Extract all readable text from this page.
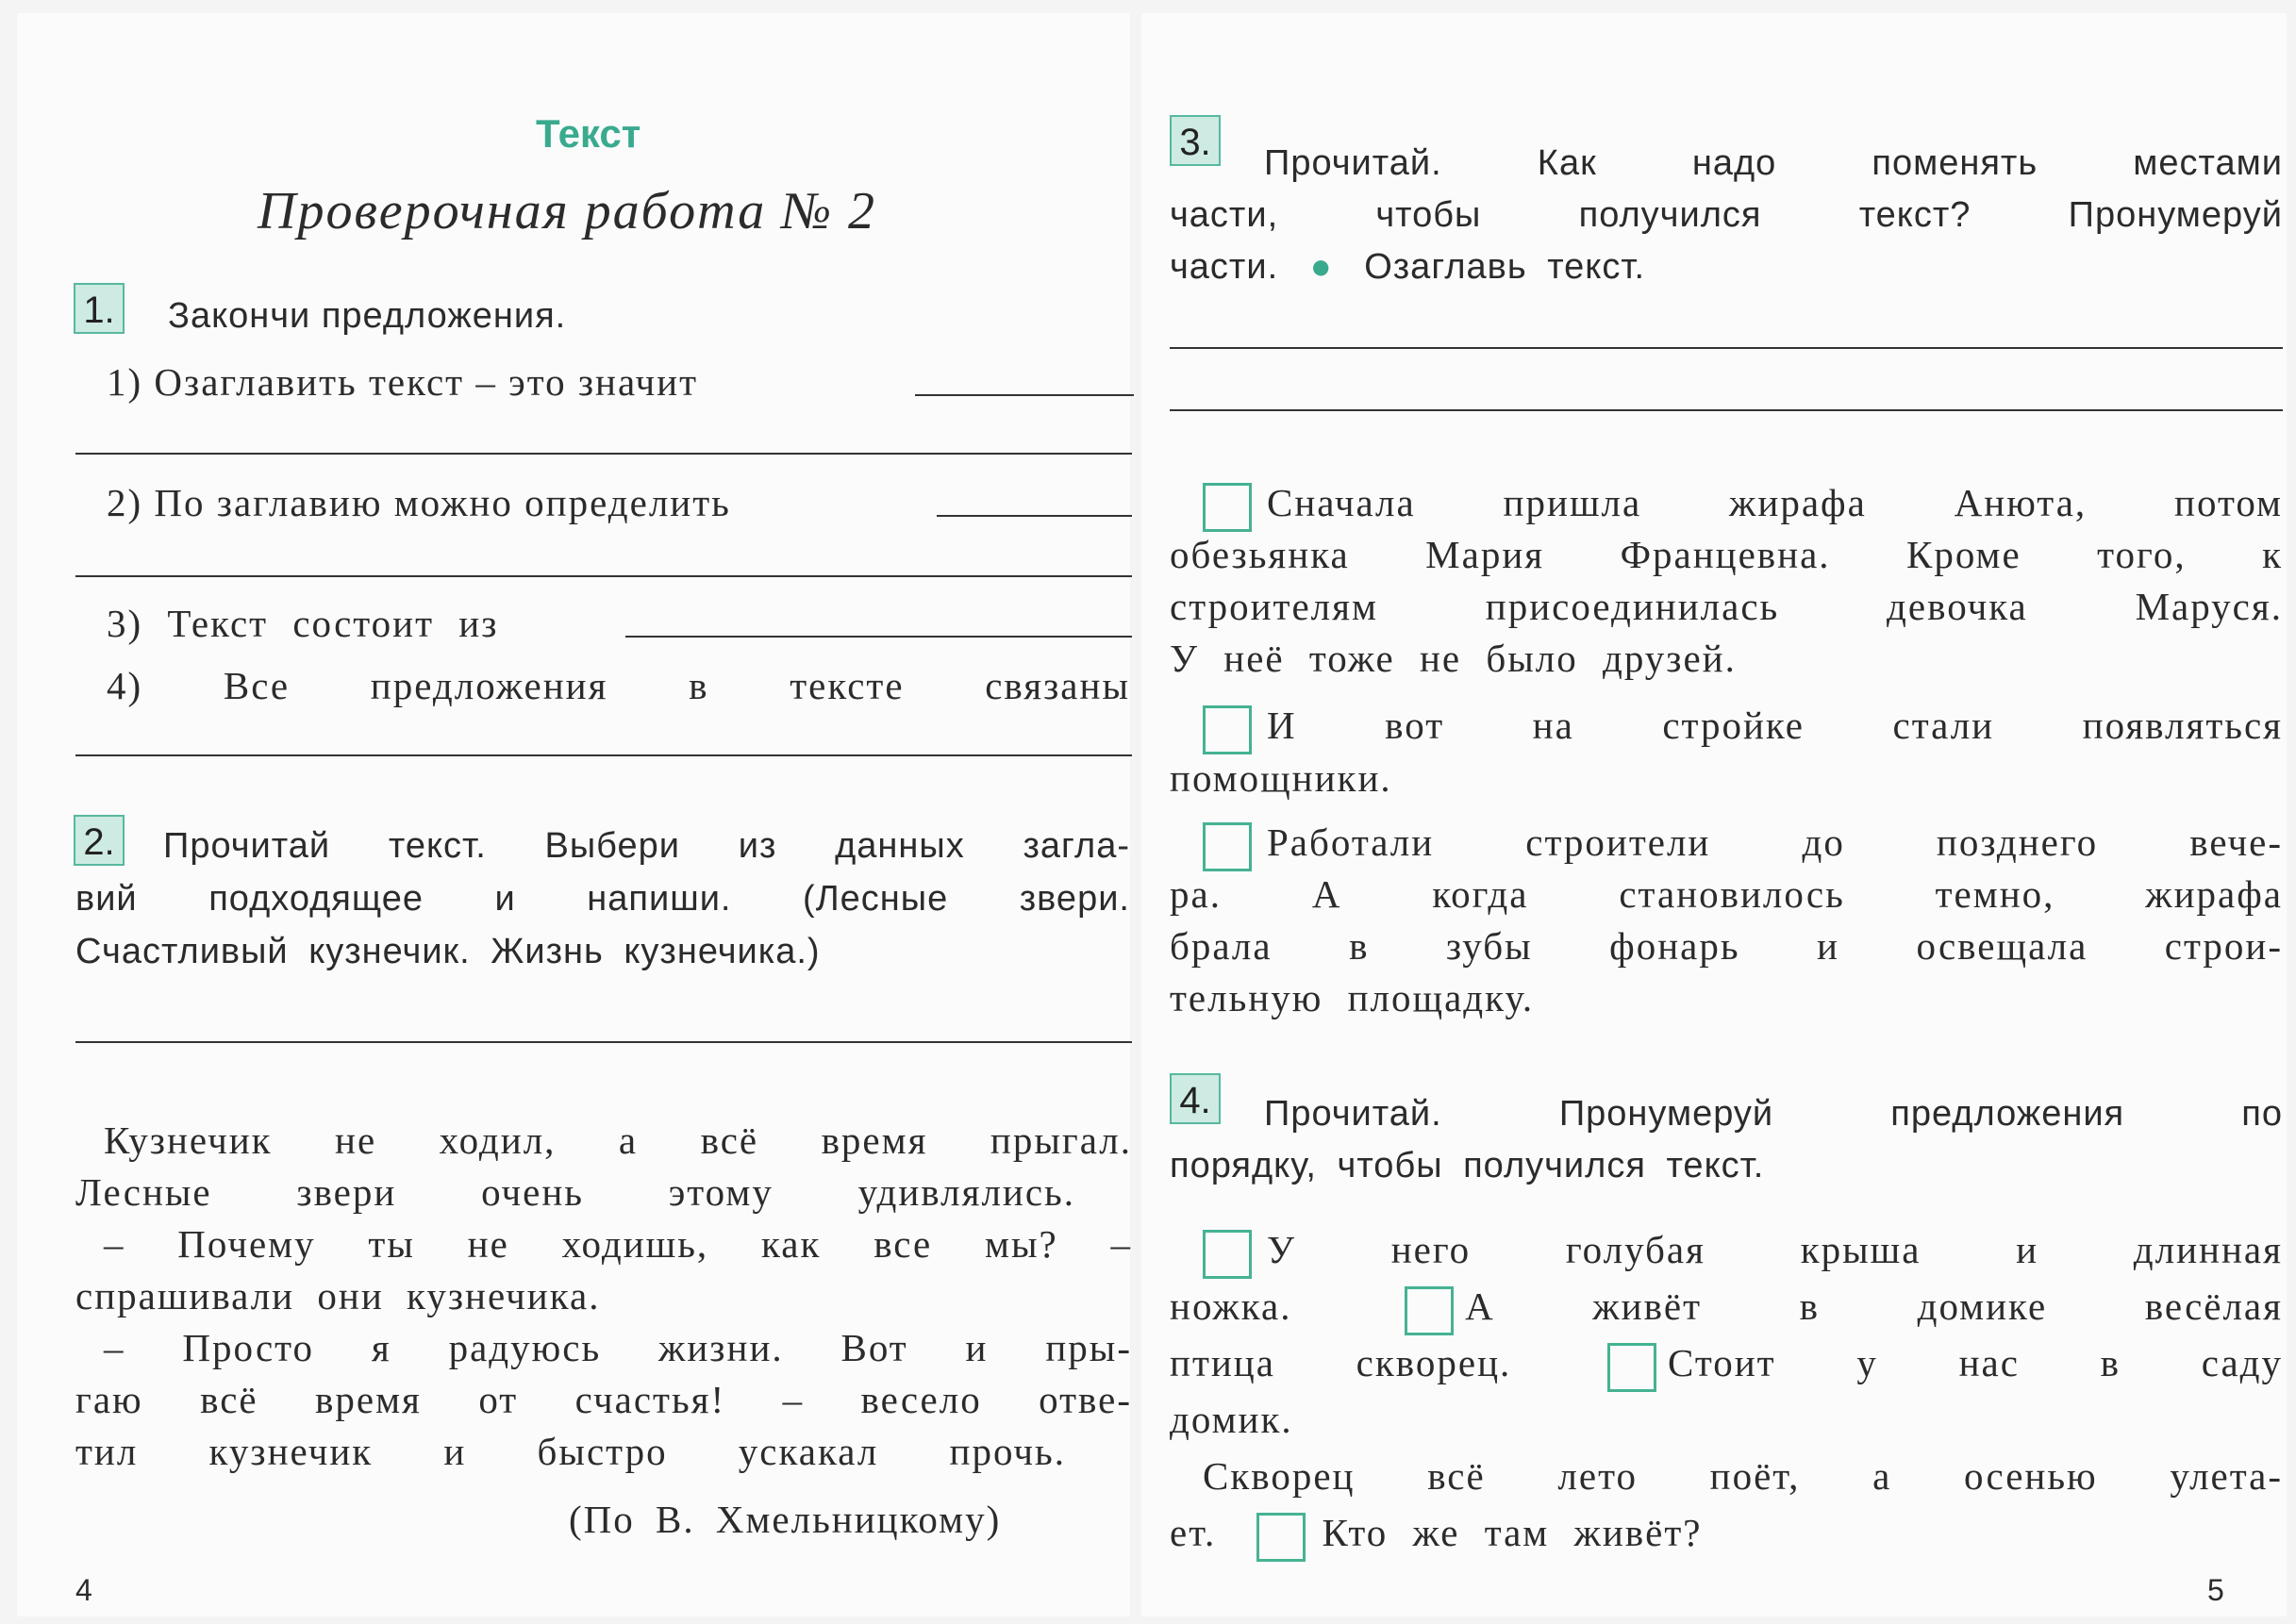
Текст
Проверочная работа № 2
1. Закончи предложения.
1) Озаглавить текст – это значит
2) По заглавию можно определить
3) Текст состоит из
4) Все предложения в тексте связаны
2. Прочитай текст. Выбери из данных загла-
вий подходящее и напиши. (Лесные звери.
Счастливый кузнечик. Жизнь кузнечика.)
Кузнечик не ходил, а всё время прыгал.
Лесные звери очень этому удивлялись.
– Почему ты не ходишь, как все мы? –
спрашивали они кузнечика.
– Просто я радуюсь жизни. Вот и пры-
гаю всё время от счастья! – весело отве-
тил кузнечик и быстро ускакал прочь.
(По В. Хмельницкому)
4
3. Прочитай. Как надо поменять местами
части, чтобы получился текст? Пронумеруй
части. ● Озаглавь текст.
Сначала пришла жирафа Анюта, потом
обезьянка Мария Францевна. Кроме того, к
строителям присоединилась девочка Маруся.
У неё тоже не было друзей.
И вот на стройке стали появляться
помощники.
Работали строители до позднего вече-
ра. А когда становилось темно, жирафа
брала в зубы фонарь и освещала строи-
тельную площадку.
4. Прочитай. Пронумеруй предложения по
порядку, чтобы получился текст.
У него голубая крыша и длинная
ножка.	А живёт в домике весёлая
птица скворец.	Стоит у нас в саду
домик.
Скворец всё лето поёт, а осенью улета-
ет.	Кто же там живёт?
5
